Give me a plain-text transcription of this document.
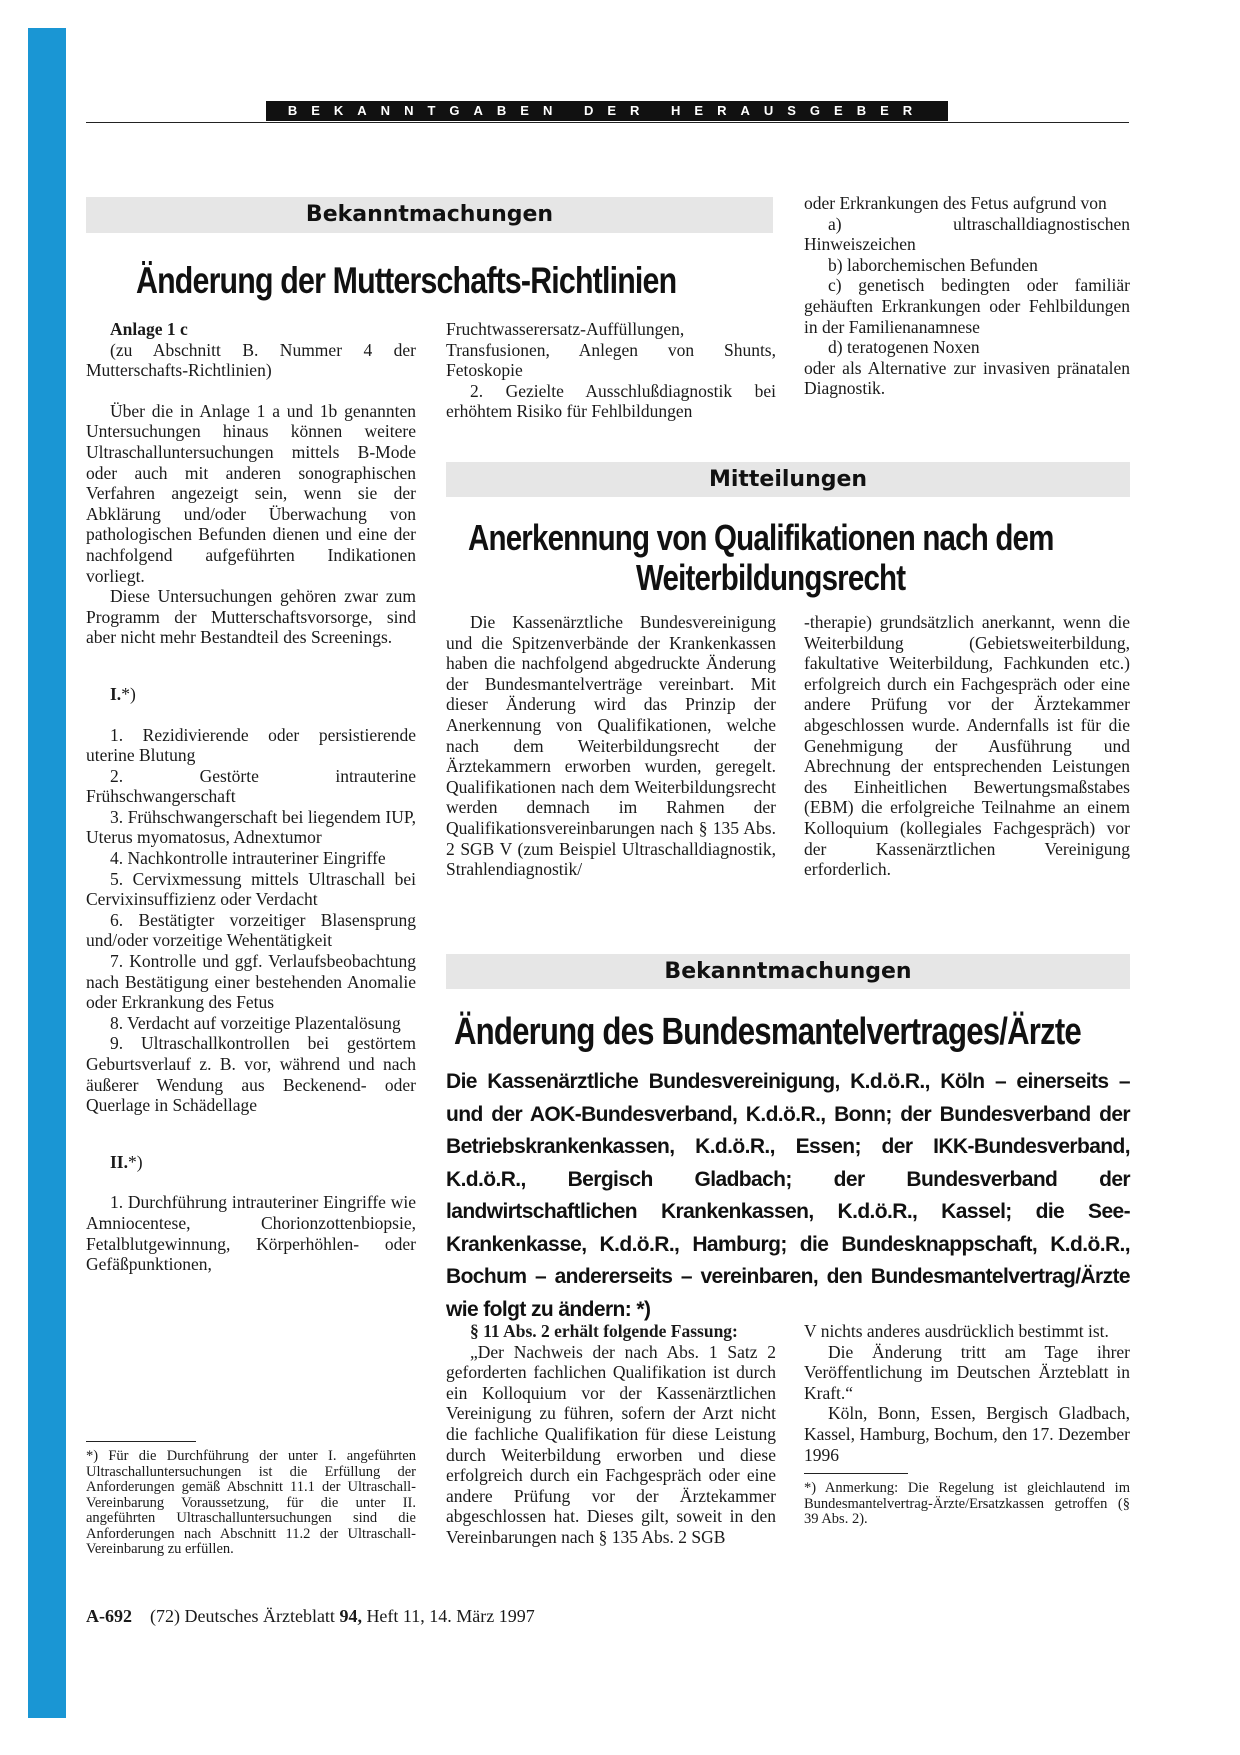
BEKANNTGABEN DER HERAUSGEBER
Bekanntmachungen
Änderung der Mutterschafts-Richtlinien

Anlage 1 c

(zu Abschnitt B. Nummer 4 der Mutterschafts-Richtlinien)

Über die in Anlage 1 a und 1b genannten Untersuchungen hinaus können weitere Ultraschalluntersuchungen mittels B-Mode oder auch mit anderen sonographischen Verfahren angezeigt sein, wenn sie der Abklärung und/oder Überwachung von pathologischen Befunden dienen und eine der nachfolgend aufgeführten Indikationen vorliegt.

Diese Untersuchungen gehören zwar zum Programm der Mutterschaftsvorsorge, sind aber nicht mehr Bestandteil des Screenings.

I.*)

1. Rezidivierende oder persistierende uterine Blutung

2. Gestörte intrauterine Frühschwangerschaft

3. Frühschwangerschaft bei liegendem IUP, Uterus myomatosus, Adnextumor

4. Nachkontrolle intrauteriner Eingriffe

5. Cervixmessung mittels Ultraschall bei Cervixinsuffizienz oder Verdacht

6. Bestätigter vorzeitiger Blasensprung und/oder vorzeitige Wehentätigkeit

7. Kontrolle und ggf. Verlaufsbeobachtung nach Bestätigung einer bestehenden Anomalie oder Erkrankung des Fetus

8. Verdacht auf vorzeitige Plazentalösung

9. Ultraschallkontrollen bei gestörtem Geburtsverlauf z. B. vor, während und nach äußerer Wendung aus Beckenend- oder Querlage in Schädellage

II.*)

1. Durchführung intrauteriner Eingriffe wie Amniocentese, Chorionzottenbiopsie, Fetalblutgewinnung, Körperhöhlen- oder Gefäßpunktionen,

*) Für die Durchführung der unter I. angeführten Ultraschalluntersuchungen ist die Erfüllung der Anforderungen gemäß Abschnitt 11.1 der Ultraschall-Vereinbarung Voraussetzung, für die unter II. angeführten Ultraschalluntersuchungen sind die Anforderungen nach Abschnitt 11.2 der Ultraschall-Vereinbarung zu erfüllen.

Fruchtwasserersatz-Auffüllungen, Transfusionen, Anlegen von Shunts, Fetoskopie

2. Gezielte Ausschlußdiagnostik bei erhöhtem Risiko für Fehlbildungen

oder Erkrankungen des Fetus aufgrund von

a) ultraschalldiagnostischen Hinweiszeichen

b) laborchemischen Befunden

c) genetisch bedingten oder familiär gehäuften Erkrankungen oder Fehlbildungen in der Familienanamnese

d) teratogenen Noxen

oder als Alternative zur invasiven pränatalen Diagnostik.

Mitteilungen
Anerkennung von Qualifikationen nach dem
Weiterbildungsrecht

Die Kassenärztliche Bundesvereinigung und die Spitzenverbände der Krankenkassen haben die nachfolgend abgedruckte Änderung der Bundesmantelverträge vereinbart. Mit dieser Änderung wird das Prinzip der Anerkennung von Qualifikationen, welche nach dem Weiterbildungsrecht der Ärztekammern erworben wurden, geregelt. Qualifikationen nach dem Weiterbildungsrecht werden demnach im Rahmen der Qualifikationsvereinbarungen nach § 135 Abs. 2 SGB V (zum Beispiel Ultraschalldiagnostik, Strahlendiagnostik/

-therapie) grundsätzlich anerkannt, wenn die Weiterbildung (Gebietsweiterbildung, fakultative Weiterbildung, Fachkunden etc.) erfolgreich durch ein Fachgespräch oder eine andere Prüfung vor der Ärztekammer abgeschlossen wurde. Andernfalls ist für die Genehmigung der Ausführung und Abrechnung der entsprechenden Leistungen des Einheitlichen Bewertungsmaßstabes (EBM) die erfolgreiche Teilnahme an einem Kolloquium (kollegiales Fachgespräch) vor der Kassenärztlichen Vereinigung erforderlich.

Bekanntmachungen
Änderung des Bundesmantelvertrages/Ärzte
Die Kassenärztliche Bundesvereinigung, K.d.ö.R., Köln – einerseits – und der AOK-Bundesverband, K.d.ö.R., Bonn; der Bundesverband der Betriebskrankenkassen, K.d.ö.R., Essen; der IKK-Bundesverband, K.d.ö.R., Bergisch Gladbach; der Bundesverband der landwirtschaftlichen Krankenkassen, K.d.ö.R., Kassel; die See-Krankenkasse, K.d.ö.R., Hamburg; die Bundesknappschaft, K.d.ö.R., Bochum – andererseits – vereinbaren, den Bundesmantelvertrag/Ärzte wie folgt zu ändern: *)

§ 11 Abs. 2 erhält folgende Fassung:

„Der Nachweis der nach Abs. 1 Satz 2 geforderten fachlichen Qualifikation ist durch ein Kolloquium vor der Kassenärztlichen Vereinigung zu führen, sofern der Arzt nicht die fachliche Qualifikation für diese Leistung durch Weiterbildung erworben und diese erfolgreich durch ein Fachgespräch oder eine andere Prüfung vor der Ärztekammer abgeschlossen hat. Dieses gilt, soweit in den Vereinbarungen nach § 135 Abs. 2 SGB

V nichts anderes ausdrücklich bestimmt ist.

Die Änderung tritt am Tage ihrer Veröffentlichung im Deutschen Ärzteblatt in Kraft.“

Köln, Bonn, Essen, Bergisch Gladbach, Kassel, Hamburg, Bochum, den 17. Dezember 1996

*) Anmerkung: Die Regelung ist gleichlautend im Bundesmantelvertrag-Ärzte/Ersatzkassen getroffen (§ 39 Abs. 2).
A-692 (72) Deutsches Ärzteblatt 94, Heft 11, 14. März 1997
